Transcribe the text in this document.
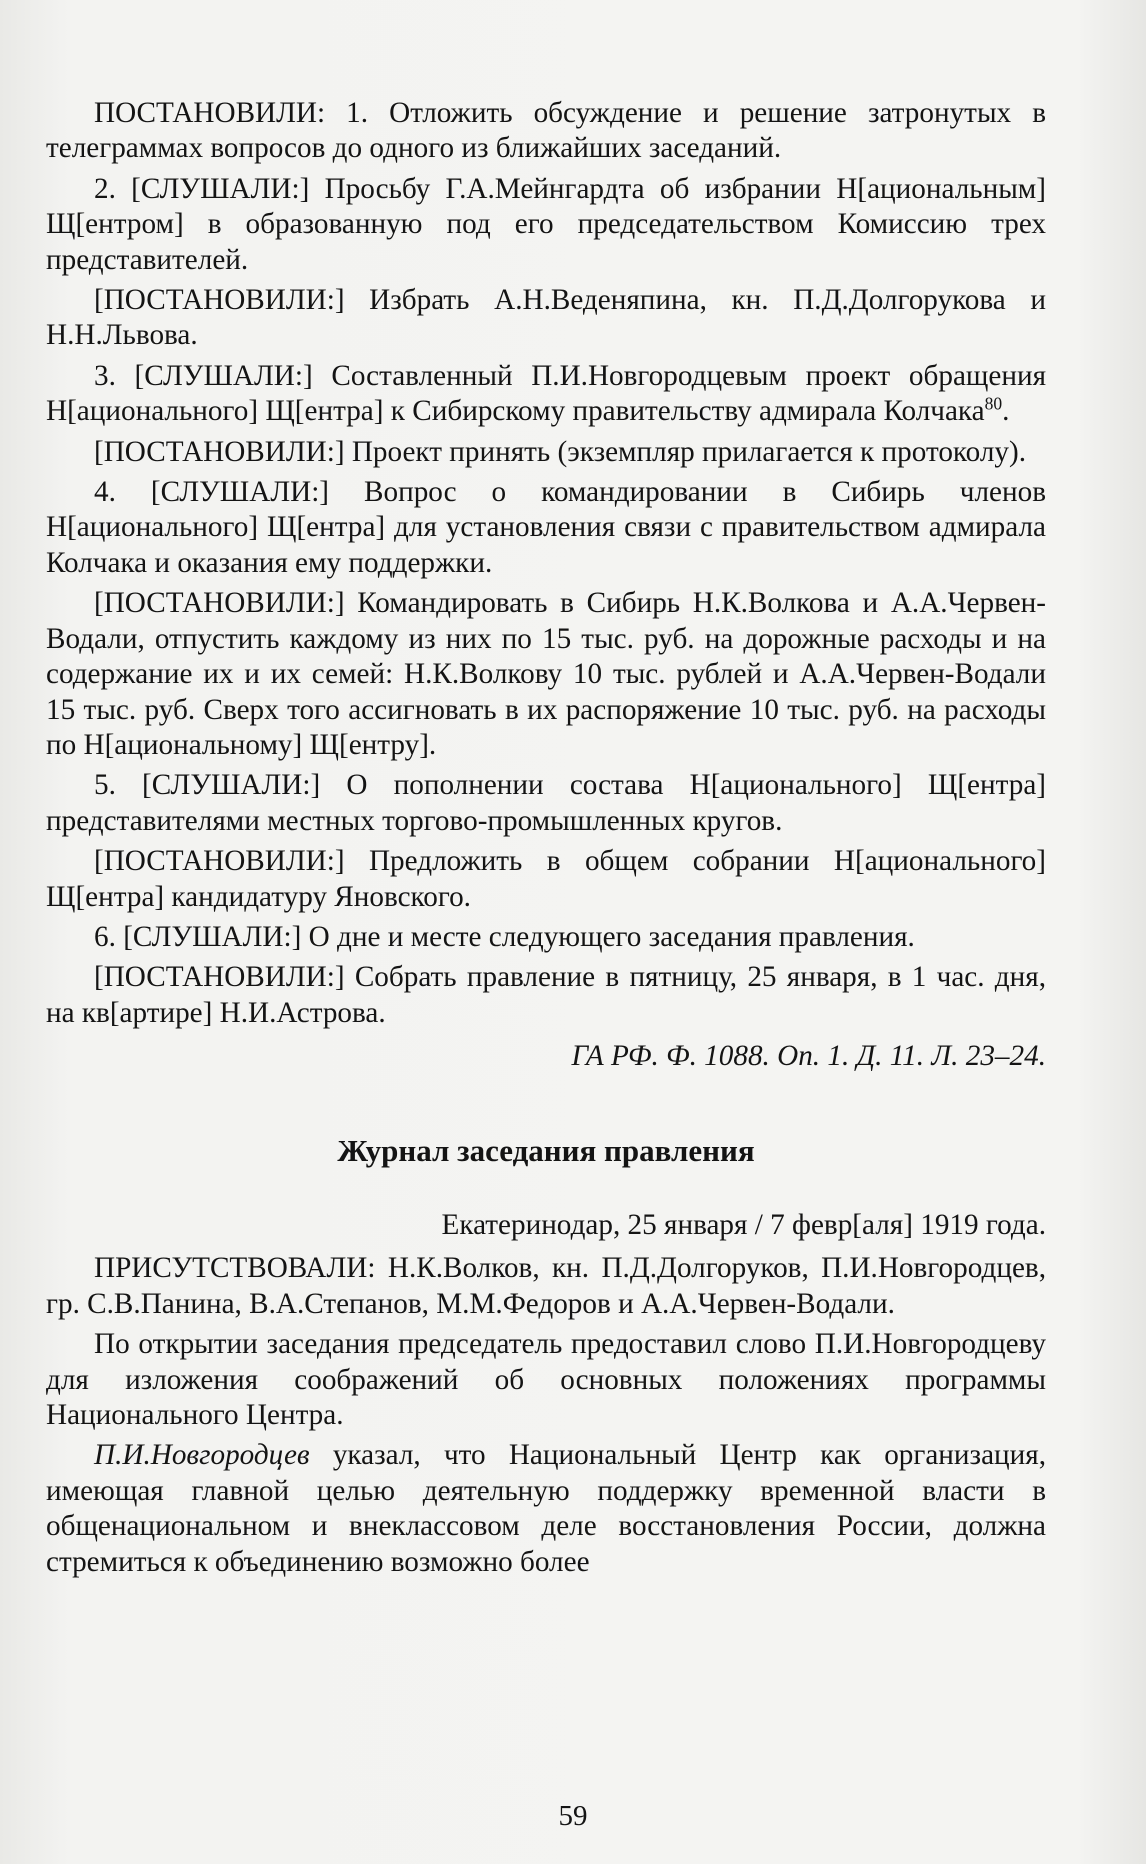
ПОСТАНОВИЛИ: 1. Отложить обсуждение и решение затронутых в телеграммах вопросов до одного из ближайших заседаний.

2. [СЛУШАЛИ:] Просьбу Г.А.Мейнгардта об избрании Н[ациональным] Щ[ентром] в образованную под его председательством Комиссию трех представителей.

[ПОСТАНОВИЛИ:] Избрать А.Н.Веденяпина, кн. П.Д.Долгорукова и Н.Н.Львова.

3. [СЛУШАЛИ:] Составленный П.И.Новгородцевым проект обращения Н[ационального] Щ[ентра] к Сибирскому правительству адмирала Колчака$^{80}$.

[ПОСТАНОВИЛИ:] Проект принять (экземпляр прилагается к протоколу).

4. [СЛУШАЛИ:] Вопрос о командировании в Сибирь членов Н[ационального] Щ[ентра] для установления связи с правительством адмирала Колчака и оказания ему поддержки.

[ПОСТАНОВИЛИ:] Командировать в Сибирь Н.К.Волкова и А.А.Червен-Водали, отпустить каждому из них по 15 тыс. руб. на дорожные расходы и на содержание их и их семей: Н.К.Волкову 10 тыс. рублей и А.А.Червен-Водали 15 тыс. руб. Сверх того ассигновать в их распоряжение 10 тыс. руб. на расходы по Н[ациональному] Щ[ентру].

5. [СЛУШАЛИ:] О пополнении состава Н[ационального] Щ[ентра] представителями местных торгово-промышленных кругов.

[ПОСТАНОВИЛИ:] Предложить в общем собрании Н[ационального] Щ[ентра] кандидатуру Яновского.

6. [СЛУШАЛИ:] О дне и месте следующего заседания правления.

[ПОСТАНОВИЛИ:] Собрать правление в пятницу, 25 января, в 1 час. дня, на кв[артире] Н.И.Астрова.

ГА РФ. Ф. 1088. Оп. 1. Д. 11. Л. 23–24.

Журнал заседания правления

Екатеринодар, 25 января / 7 февр[аля] 1919 года.

ПРИСУТСТВОВАЛИ: Н.К.Волков, кн. П.Д.Долгоруков, П.И.Новгородцев, гр. С.В.Панина, В.А.Степанов, М.М.Федоров и А.А.Червен-Водали.

По открытии заседания председатель предоставил слово П.И.Новгородцеву для изложения соображений об основных положениях программы Национального Центра.

П.И.Новгородцев указал, что Национальный Центр как организация, имеющая главной целью деятельную поддержку временной власти в общенациональном и внеклассовом деле восстановления России, должна стремиться к объединению возможно более

59
